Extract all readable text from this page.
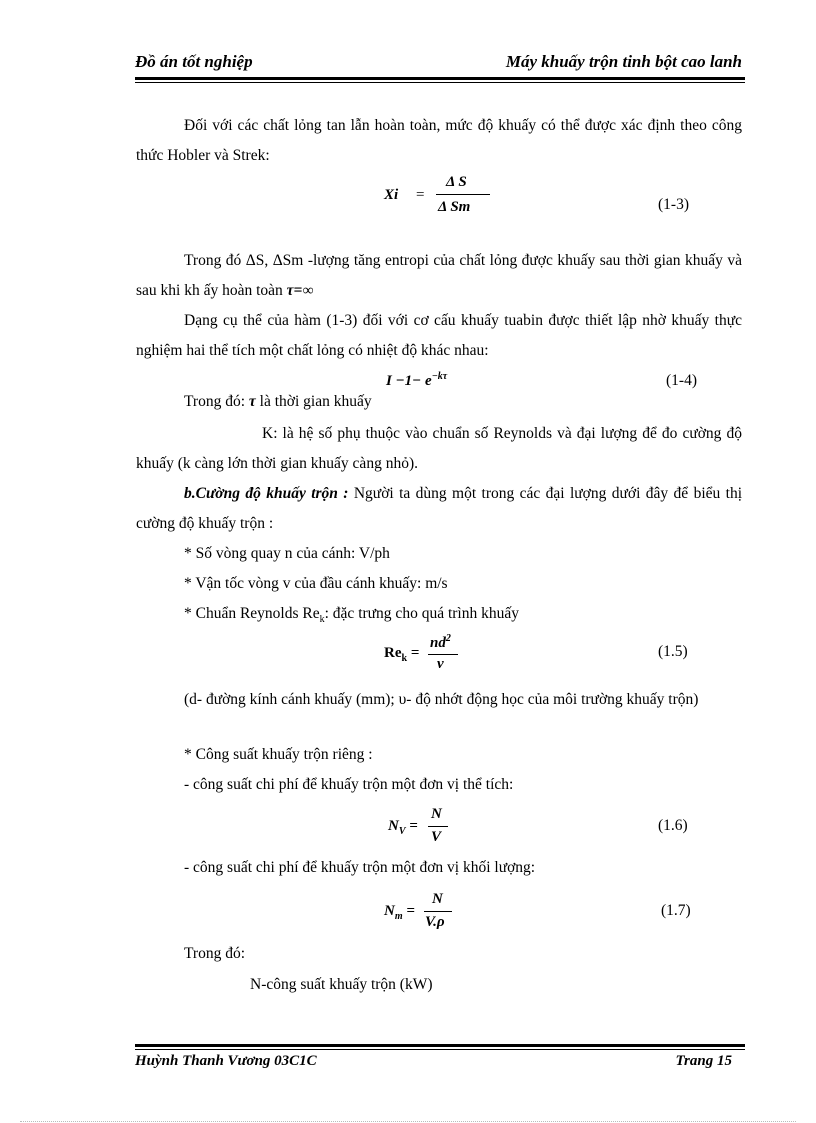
Đồ án tốt nghiệp	Máy khuấy trộn tinh bột cao lanh
Đối với các chất lỏng tan lẫn hoàn toàn, mức độ khuấy có thể được xác định theo công thức Hobler và Strek:
Xi =
Δ S
Δ Sm	(1-3)
Trong đó ΔS, ΔSm -lượng tăng entropi của chất lỏng được khuấy sau thời gian khuấy và sau khi kh ấy hoàn toàn τ=∞
Dạng cụ thể của hàm (1-3) đối với cơ cấu khuấy tuabin được thiết lập nhờ khuấy thực nghiệm hai thể tích một chất lỏng có nhiệt độ khác nhau:
$I -1- e^{-k\tau}$	(1-4)
Trong đó: τ là thời gian khuấy
K: là hệ số phụ thuộc vào chuẩn số Reynolds và đại lượng để đo cường độ khuấy (k càng lớn thời gian khuấy càng nhỏ).
b.Cường độ khuấy trộn : Người ta dùng một trong các đại lượng dưới đây để biểu thị cường độ khuấy trộn :
* Số vòng quay n của cánh: V/ph
* Vận tốc vòng v của đầu cánh khuấy: m/s
* Chuẩn Reynolds $Re_k$: đặc trưng cho quá trình khuấy
$Re_k$ =
$nd^2$
ν
(1.5)
(d- đường kính cánh khuấy (mm); υ- độ nhớt động học của môi trường khuấy trộn)
* Công suất khuấy trộn riêng :
- công suất chi phí để khuấy trộn một đơn vị thể tích:
$N_V$ =
N
V
(1.6)
- công suất chi phí để khuấy trộn một đơn vị khối lượng:
$N_m$ =
N
V.ρ
(1.7)
Trong đó:
N-công suất khuấy trộn (kW)
Huỳnh Thanh Vương 03C1C	Trang 15
